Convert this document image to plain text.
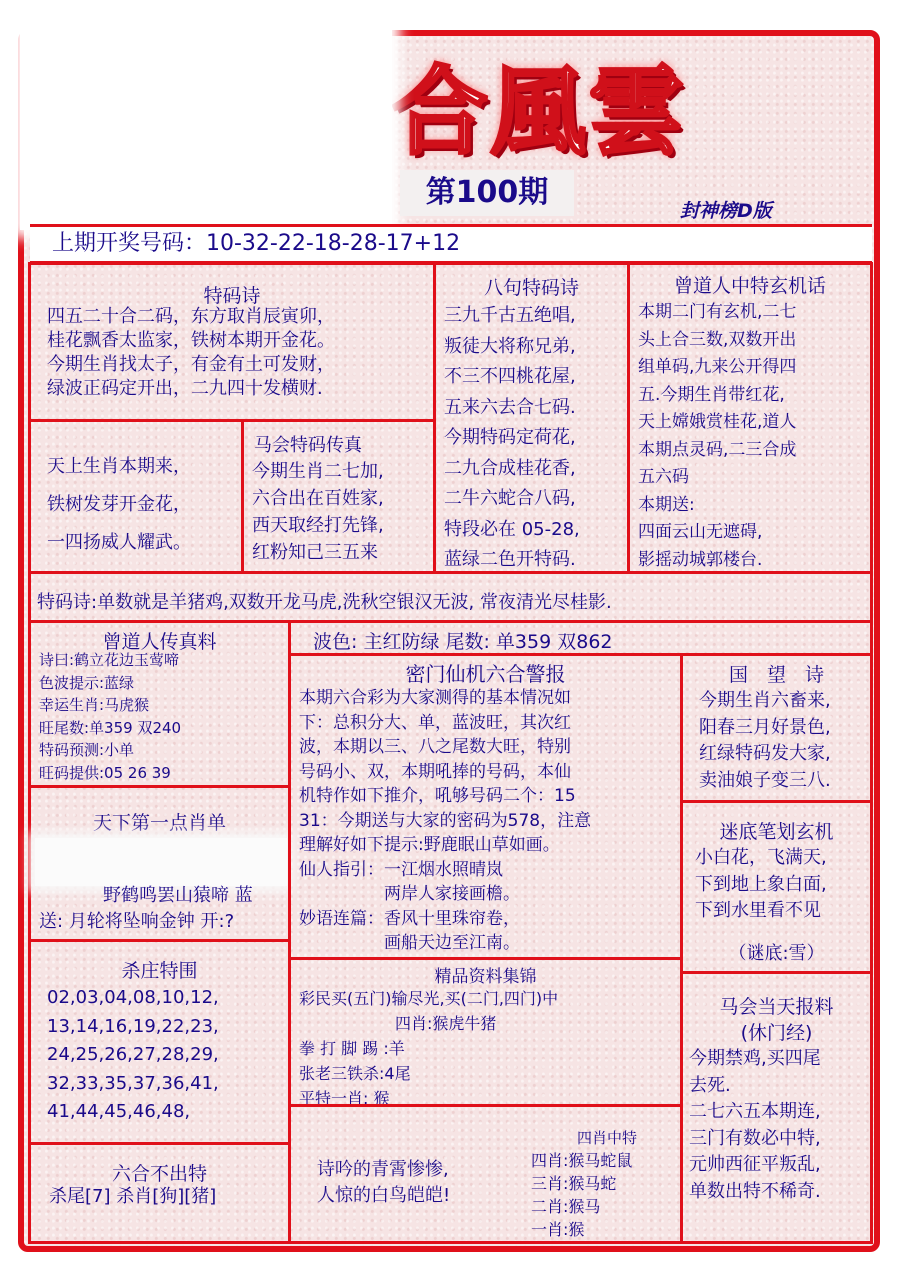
合風雲
第100期
封神榜D版
上期开奖号码：10-32-22-18-28-17+12
特码诗
四五二十合二码，东方取肖辰寅卯，
桂花飘香太监家，铁树本期开金花。
今期生肖找太子，有金有土可发财，
绿波正码定开出，二九四十发横财.
八句特码诗
三九千古五绝唱,
叛徒大将称兄弟,
不三不四桃花屋,
五来六去合七码.
今期特码定荷花,
二九合成桂花香,
二牛六蛇合八码,
特段必在 05-28,
蓝绿二色开特码.
曾道人中特玄机话
本期二门有玄机,二七
头上合三数,双数开出
组单码,九来公开得四
五.今期生肖带红花,
天上嫦娥赏桂花,道人
本期点灵码,二三合成
五六码
本期送:
四面云山无遮碍,
影摇动城郭楼台.
天上生肖本期来，
铁树发芽开金花，
一四扬威人耀武。
马会特码传真
今期生肖二七加,
六合出在百姓家,
西天取经打先锋,
红粉知己三五来
特码诗:单数就是羊猪鸡,双数开龙马虎,洗秋空银汉无波, 常夜清光尽桂影.
曾道人传真料
诗曰:鹤立花边玉莺啼
色波提示:蓝绿
幸运生肖:马虎猴
旺尾数:单359 双240
特码预测:小单
旺码提供:05 26 39
天下第一点肖单
野鹤鸣罢山猿啼 蓝
送: 月轮将坠响金钟 开:?
杀庄特围
02,03,04,08,10,12,
13,14,16,19,22,23,
24,25,26,27,28,29,
32,33,35,37,36,41,
41,44,45,46,48,
六合不出特
杀尾[7] 杀肖[狗][猪]
波色: 主红防绿 尾数: 单359 双862
密门仙机六合警报
本期六合彩为大家测得的基本情况如
下：总积分大、单，蓝波旺，其次红
波，本期以三、八之尾数大旺，特别
号码小、双，本期吼捧的号码，本仙
机特作如下推介，吼够号码二个：15
31：今期送与大家的密码为578，注意
理解好如下提示:野鹿眠山草如画。
仙人指引：一江烟水照晴岚
　　　　　两岸人家接画檐。
妙语连篇：香风十里珠帘卷，
　　　　　画船天边至江南。
精品资料集锦
彩民买(五门)输尽光,买(二门,四门)中
　　　　　　四肖:猴虎牛猪
拳 打 脚 踢 :羊
张老三铁杀:4尾
平特一肖: 猴
诗吟的青霄惨惨,
人惊的白鸟皑皑!
四肖中特
四肖:猴马蛇鼠
三肖:猴马蛇
二肖:猴马
一肖:猴
国　望　诗
今期生肖六畜来,
阳春三月好景色,
红绿特码发大家,
卖油娘子变三八.
迷底笔划玄机
小白花，飞满天,
下到地上象白面,
下到水里看不见
（谜底:雪）
马会当天报料
(休门经)
今期禁鸡,买四尾
去死.
二七六五本期连,
三门有数必中特,
元帅西征平叛乱,
单数出特不稀奇.
